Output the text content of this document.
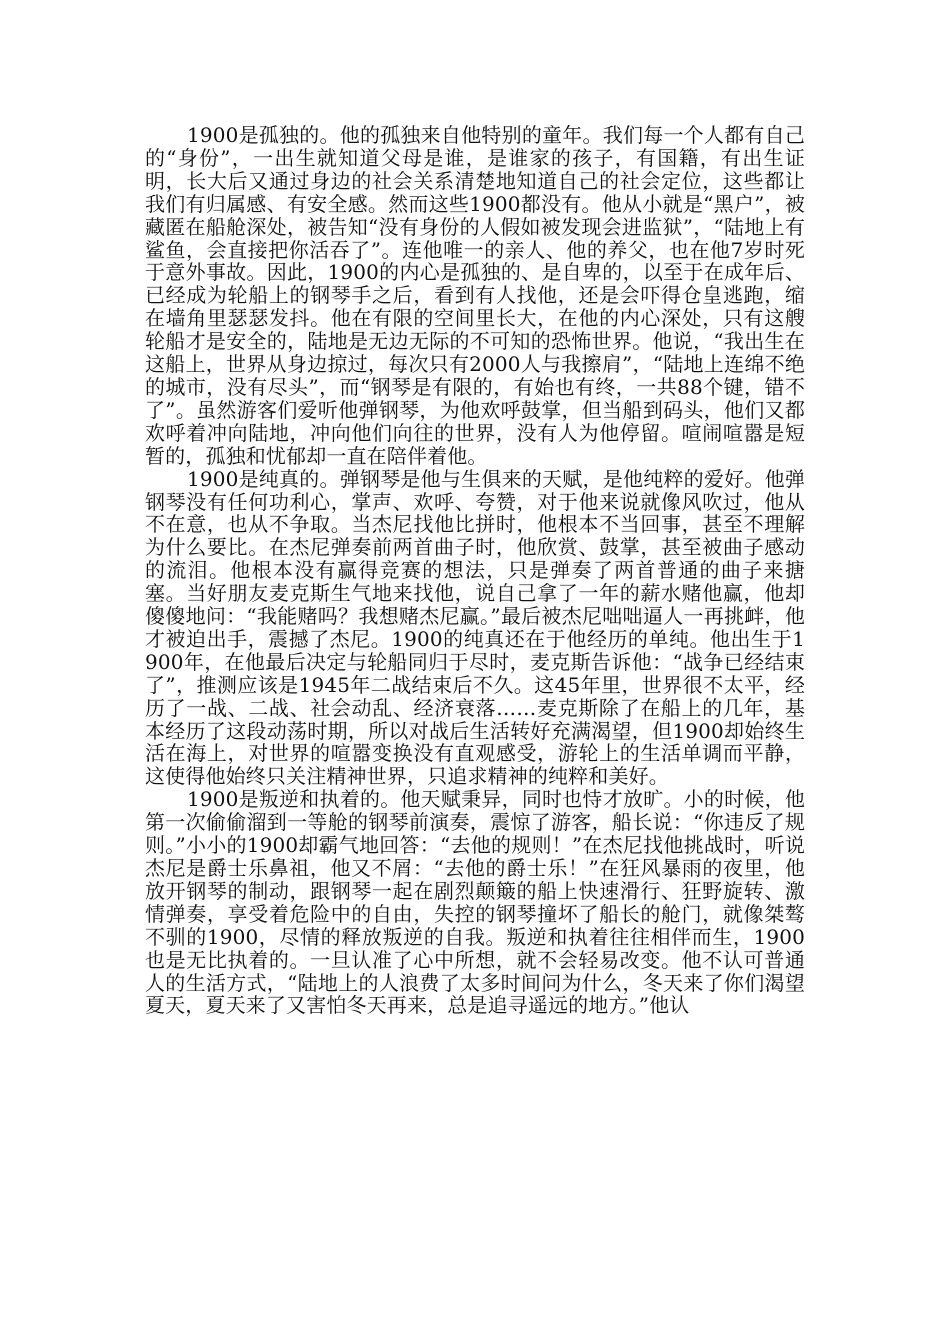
1900是孤独的。他的孤独来自他特别的童年。我们每一个人都有自己的“身份”，一出生就知道父母是谁，是谁家的孩子，有国籍，有出生证明，长大后又通过身边的社会关系清楚地知道自己的社会定位，这些都让我们有归属感、有安全感。然而这些1900都没有。他从小就是“黑户”，被藏匿在船舱深处，被告知“没有身份的人假如被发现会进监狱”，“陆地上有鲨鱼，会直接把你活吞了”。连他唯一的亲人、他的养父，也在他7岁时死于意外事故。因此，1900的内心是孤独的、是自卑的，以至于在成年后、已经成为轮船上的钢琴手之后，看到有人找他，还是会吓得仓皇逃跑，缩在墙角里瑟瑟发抖。他在有限的空间里长大，在他的内心深处，只有这艘轮船才是安全的，陆地是无边无际的不可知的恐怖世界。他说，“我出生在这船上，世界从身边掠过，每次只有2000人与我擦肩”，“陆地上连绵不绝的城市，没有尽头”，而“钢琴是有限的，有始也有终，一共88个键，错不了”。虽然游客们爱听他弹钢琴，为他欢呼鼓掌，但当船到码头，他们又都欢呼着冲向陆地，冲向他们向往的世界，没有人为他停留。喧闹喧嚣是短暂的，孤独和忧郁却一直在陪伴着他。

1900是纯真的。弹钢琴是他与生俱来的天赋，是他纯粹的爱好。他弹钢琴没有任何功利心，掌声、欢呼、夸赞，对于他来说就像风吹过，他从不在意，也从不争取。当杰尼找他比拼时，他根本不当回事，甚至不理解为什么要比。在杰尼弹奏前两首曲子时，他欣赏、鼓掌，甚至被曲子感动的流泪。他根本没有赢得竞赛的想法，只是弹奏了两首普通的曲子来搪塞。当好朋友麦克斯生气地来找他，说自己拿了一年的薪水赌他赢，他却傻傻地问：“我能赌吗？我想赌杰尼赢。”最后被杰尼咄咄逼人一再挑衅，他才被迫出手，震撼了杰尼。1900的纯真还在于他经历的单纯。他出生于1900年，在他最后决定与轮船同归于尽时，麦克斯告诉他：“战争已经结束了”，推测应该是1945年二战结束后不久。这45年里，世界很不太平，经历了一战、二战、社会动乱、经济衰落……麦克斯除了在船上的几年，基本经历了这段动荡时期，所以对战后生活转好充满渴望，但1900却始终生活在海上，对世界的喧嚣变换没有直观感受，游轮上的生活单调而平静，这使得他始终只关注精神世界，只追求精神的纯粹和美好。

1900是叛逆和执着的。他天赋秉异，同时也恃才放旷。小的时候，他第一次偷偷溜到一等舱的钢琴前演奏，震惊了游客，船长说：“你违反了规则。”小小的1900却霸气地回答：“去他的规则！”在杰尼找他挑战时，听说杰尼是爵士乐鼻祖，他又不屑：“去他的爵士乐！”在狂风暴雨的夜里，他放开钢琴的制动，跟钢琴一起在剧烈颠簸的船上快速滑行、狂野旋转、激情弹奏，享受着危险中的自由，失控的钢琴撞坏了船长的舱门，就像桀骜不驯的1900，尽情的释放叛逆的自我。叛逆和执着往往相伴而生，1900也是无比执着的。一旦认准了心中所想，就不会轻易改变。他不认可普通人的生活方式，“陆地上的人浪费了太多时间问为什么，冬天来了你们渴望夏天，夏天来了又害怕冬天再来，总是追寻遥远的地方。”他认
